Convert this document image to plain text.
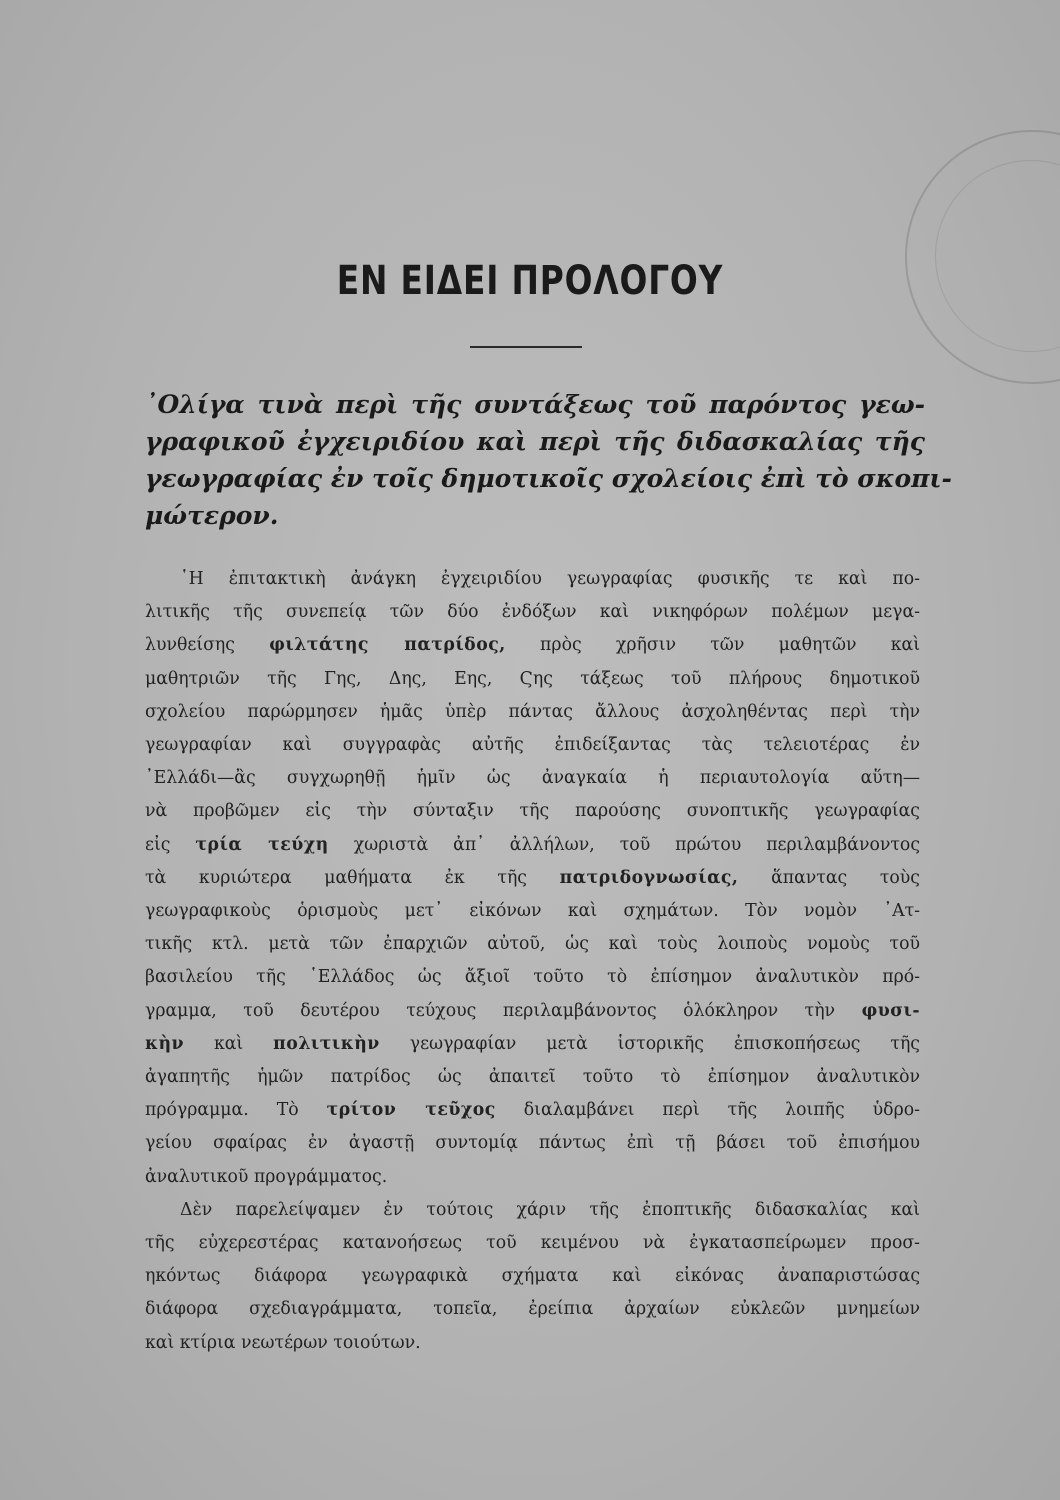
ΕΝ ΕΙΔΕΙ ΠΡΟΛΟΓΟΥ
᾿Ολίγα τινὰ περὶ τῆς συντάξεως τοῦ παρόντος γεω-
γραφικοῦ ἐγχειριδίου καὶ περὶ τῆς διδασκαλίας τῆς
γεωγραφίας ἐν τοῖς δημοτικοῖς σχολείοις ἐπὶ τὸ σκοπι-
μώτερον.
῾Η ἐπιτακτικὴ ἀνάγκη ἐγχειριδίου γεωγραφίας φυσικῆς τε καὶ πο-
λιτικῆς τῆς συνεπείᾳ τῶν δύο ἐνδόξων καὶ νικηφόρων πολέμων μεγα-
λυνθείσης φιλτάτης πατρίδος, πρὸς χρῆσιν τῶν μαθητῶν καὶ
μαθητριῶν τῆς Γης, Δης, Εης, Ϛης τάξεως τοῦ πλήρους δημοτικοῦ
σχολείου παρώρμησεν ἡμᾶς ὑπὲρ πάντας ἄλλους ἀσχοληθέντας περὶ τὴν
γεωγραφίαν καὶ συγγραφὰς αὐτῆς ἐπιδείξαντας τὰς τελειοτέρας ἐν
᾿Ελλάδι—ἂς συγχωρηθῇ ἡμῖν ὡς ἀναγκαία ἡ περιαυτολογία αὕτη—
νὰ προβῶμεν εἰς τὴν σύνταξιν τῆς παρούσης συνοπτικῆς γεωγραφίας
εἰς τρία τεύχη χωριστὰ ἀπ᾿ ἀλλήλων, τοῦ πρώτου περιλαμβάνοντος
τὰ κυριώτερα μαθήματα ἐκ τῆς πατριδογνωσίας, ἅπαντας τοὺς
γεωγραφικοὺς ὁρισμοὺς μετ᾿ εἰκόνων καὶ σχημάτων. Τὸν νομὸν ᾿Ατ-
τικῆς κτλ. μετὰ τῶν ἐπαρχιῶν αὐτοῦ, ὡς καὶ τοὺς λοιποὺς νομοὺς τοῦ
βασιλείου τῆς ῾Ελλάδος ὡς ἄξιοῖ τοῦτο τὸ ἐπίσημον ἀναλυτικὸν πρό-
γραμμα, τοῦ δευτέρου τεύχους περιλαμβάνοντος ὁλόκληρον τὴν φυσι-
κὴν καὶ πολιτικὴν γεωγραφίαν μετὰ ἱστορικῆς ἐπισκοπήσεως τῆς
ἀγαπητῆς ἡμῶν πατρίδος ὡς ἀπαιτεῖ τοῦτο τὸ ἐπίσημον ἀναλυτικὸν
πρόγραμμα. Τὸ τρίτον τεῦχος διαλαμβάνει περὶ τῆς λοιπῆς ὑδρο-
γείου σφαίρας ἐν ἀγαστῇ συντομίᾳ πάντως ἐπὶ τῇ βάσει τοῦ ἐπισήμου
ἀναλυτικοῦ προγράμματος.
Δὲν παρελείψαμεν ἐν τούτοις χάριν τῆς ἐποπτικῆς διδασκαλίας καὶ
τῆς εὐχερεστέρας κατανοήσεως τοῦ κειμένου νὰ ἐγκατασπείρωμεν προσ-
ηκόντως διάφορα γεωγραφικὰ σχήματα καὶ εἰκόνας ἀναπαριστώσας
διάφορα σχεδιαγράμματα, τοπεῖα, ἐρείπια ἀρχαίων εὐκλεῶν μνημείων
καὶ κτίρια νεωτέρων τοιούτων.
